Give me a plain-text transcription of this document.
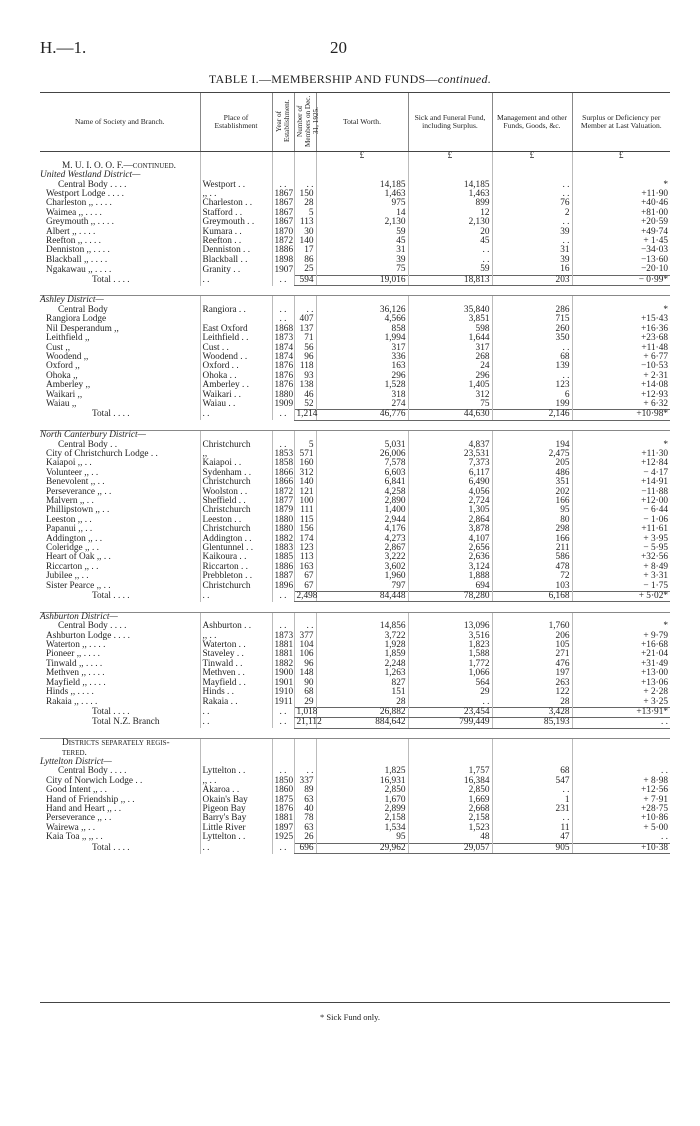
H.—1.	20
TABLE I.—MEMBERSHIP AND FUNDS—continued.
Name of Society and Branch.	Place of Establishment	Year of Establishment.	Number of Members on Dec. 31, 1925.	Total Worth.	Sick and Funeral Fund, including Surplus.	Management and other Funds, Goods, &c.	Surplus or Deficiency per Member at Last Valuation.
				£	£	£	£
M. U. I. O. O. F.—continued.							
United Westland District—							
Central Body . . . .	Westport . .	. .	. .	14,185	14,185	. .	*
Westport Lodge . . . .	,, . .	1867	150	1,463	1,463	. .	+11·90
Charleston ,, . . . .	Charleston . .	1867	28	975	899	76	+40·46
Waimea ,, . . . .	Stafford . .	1867	5	14	12	2	+81·00
Greymouth ,, . . . .	Greymouth . .	1867	113	2,130	2,130	. .	+20·59
Albert ,, . . . .	Kumara . .	1870	30	59	20	39	+49·74
Reefton ,, . . . .	Reefton . .	1872	140	45	45	. .	+ 1·45
Denniston ,, . . . .	Denniston . .	1886	17	31	. .	31	−34·03
Blackball ,, . . . .	Blackball . .	1898	86	39	. .	39	−13·60
Ngakawau ,, . . . .	Granity . .	1907	25	75	59	16	−20·10
Total . . . .	. .	. .	594	19,016	18,813	203	− 0·99*

Ashley District—							
Central Body	Rangiora . .	. .	. .	36,126	35,840	286	*
Rangiora Lodge		. .	407	4,566	3,851	715	+15·43
Nil Desperandum ,,	East Oxford	1868	137	858	598	260	+16·36
Leithfield ,,	Leithfield . .	1873	71	1,994	1,644	350	+23·68
Cust ,,	Cust . .	1874	56	317	317	. .	+11·48
Woodend ,,	Woodend . .	1874	96	336	268	68	+ 6·77
Oxford ,,	Oxford . .	1876	118	163	24	139	−10·53
Ohoka ,,	Ohoka . .	1876	93	296	296	. .	+ 2·31
Amberley ,,	Amberley . .	1876	138	1,528	1,405	123	+14·08
Waikari ,,	Waikari . .	1880	46	318	312	6	+12·93
Waiau ,,	Waiau . .	1909	52	274	75	199	+ 6·32
Total . . . .	. .	. .	1,214	46,776	44,630	2,146	+10·98*

North Canterbury District—							
Central Body . .	Christchurch	. .	5	5,031	4,837	194	*
City of Christchurch Lodge . .	,,	1853	571	26,006	23,531	2,475	+11·30
Kaiapoi ,, . .	Kaiapoi . .	1858	160	7,578	7,373	205	+12·84
Volunteer ,, . .	Sydenham . .	1866	312	6,603	6,117	486	− 4·17
Benevolent ,, . .	Christchurch	1866	140	6,841	6,490	351	+14·91
Perseverance ,, . .	Woolston . .	1872	121	4,258	4,056	202	−11·88
Malvern ,, . .	Sheffield . .	1877	100	2,890	2,724	166	+12·00
Phillipstown ,, . .	Christchurch	1879	111	1,400	1,305	95	− 6·44
Leeston ,, . .	Leeston . .	1880	115	2,944	2,864	80	− 1·06
Papanui ,, . .	Christchurch	1880	156	4,176	3,878	298	+11·61
Addington ,, . .	Addington . .	1882	174	4,273	4,107	166	+ 3·95
Coleridge ,, . .	Glentunnel . .	1883	123	2,867	2,656	211	− 5·95
Heart of Oak ,, . .	Kaikoura . .	1885	113	3,222	2,636	586	+32·56
Riccarton ,, . .	Riccarton . .	1886	163	3,602	3,124	478	+ 8·49
Jubilee ,, . .	Prebbleton . .	1887	67	1,960	1,888	72	+ 3·31
Sister Pearce ,, . .	Christchurch	1896	67	797	694	103	− 1·75
Total . . . .	. .	. .	2,498	84,448	78,280	6,168	+ 5·02*

Ashburton District—							
Central Body . . . .	Ashburton . .	. .	. .	14,856	13,096	1,760	*
Ashburton Lodge . . . .	,, . .	1873	377	3,722	3,516	206	+ 9·79
Waterton ,, . . . .	Waterton . .	1881	104	1,928	1,823	105	+16·68
Pioneer ,, . . . .	Staveley . .	1881	106	1,859	1,588	271	+21·04
Tinwald ,, . . . .	Tinwald . .	1882	96	2,248	1,772	476	+31·49
Methven ,, . . . .	Methven . .	1900	148	1,263	1,066	197	+13·00
Mayfield ,, . . . .	Mayfield . .	1901	90	827	564	263	+13·06
Hinds ,, . . . .	Hinds . .	1910	68	151	29	122	+ 2·28
Rakaia ,, . . . .	Rakaia . .	1911	29	28	. .	28	+ 3·25
Total . . . .	. .	. .	1,018	26,882	23,454	3,428	+13·91*
Total N.Z. Branch	. .	. .	21,112	884,642	799,449	85,193	. .

Districts separately regis-							
tered.							
Lyttelton District—							
Central Body . . . .	Lyttelton . .	. .	. .	1,825	1,757	68	. .
City of Norwich Lodge . .	,, . .	1850	337	16,931	16,384	547	+ 8·98
Good Intent ,, . .	Akaroa . .	1860	89	2,850	2,850	. .	+12·56
Hand of Friendship ,, . .	Okain's Bay	1875	63	1,670	1,669	1	+ 7·91
Hand and Heart ,, . .	Pigeon Bay	1876	40	2,899	2,668	231	+28·75
Perseverance ,, . .	Barry's Bay	1881	78	2,158	2,158	. .	+10·86
Wairewa ,, . .	Little River	1897	63	1,534	1,523	11	+ 5·00
Kaia Toa ,, ,, . .	Lyttelton . .	1925	26	95	48	47	. .
Total . . . .	. .	. .	696	29,962	29,057	905	+10·38
* Sick Fund only.
